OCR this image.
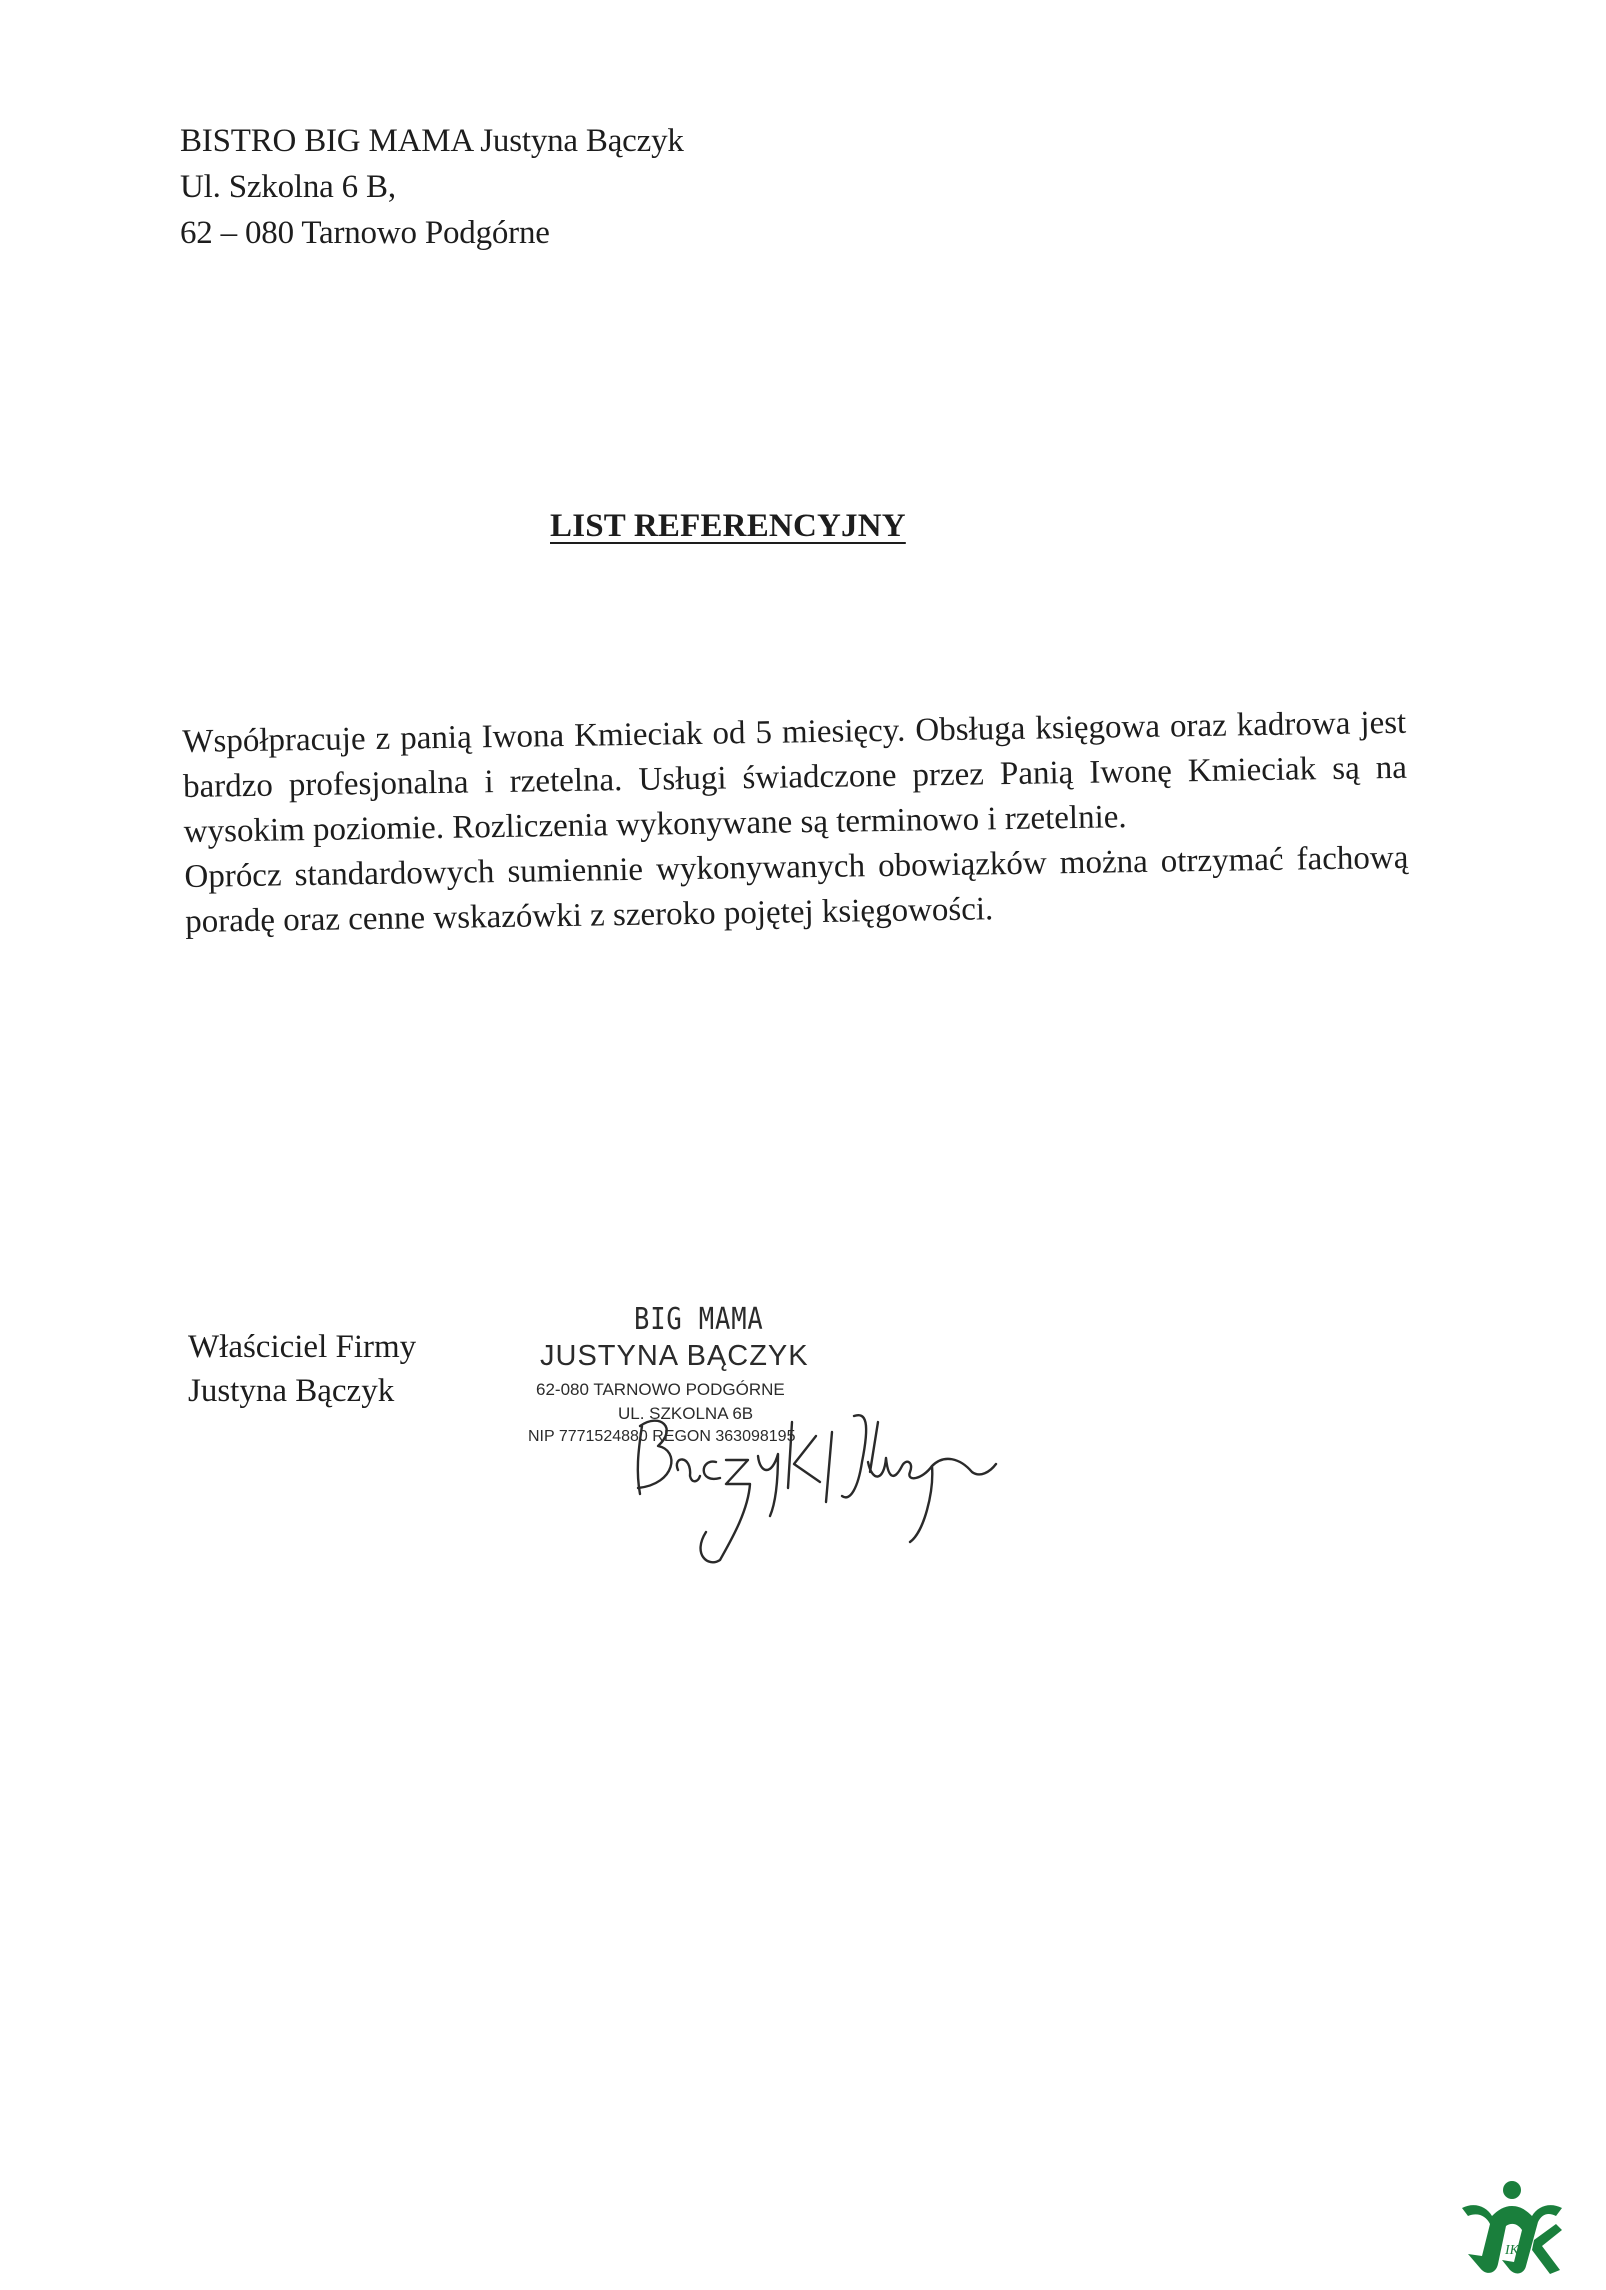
BISTRO BIG MAMA Justyna Bączyk
Ul. Szkolna 6 B,
62 – 080 Tarnowo Podgórne
LIST REFERENCYJNY

Współpracuje z panią Iwona Kmieciak od 5 miesięcy. Obsługa księgowa oraz kadrowa jest bardzo profesjonalna i rzetelna. Usługi świadczone przez Panią Iwonę Kmieciak są na wysokim poziomie. Rozliczenia wykonywane są terminowo i rzetelnie.

Oprócz standardowych sumiennie wykonywanych obowiązków można otrzymać fachową poradę oraz cenne wskazówki z szeroko pojętej księgowości.

Właściciel Firmy
Justyna Bączyk
BIG MAMA
JUSTYNA BĄCZYK
62-080 TARNOWO PODGÓRNE
UL. SZKOLNA 6B
NIP 7771524880 REGON 363098195
IK
